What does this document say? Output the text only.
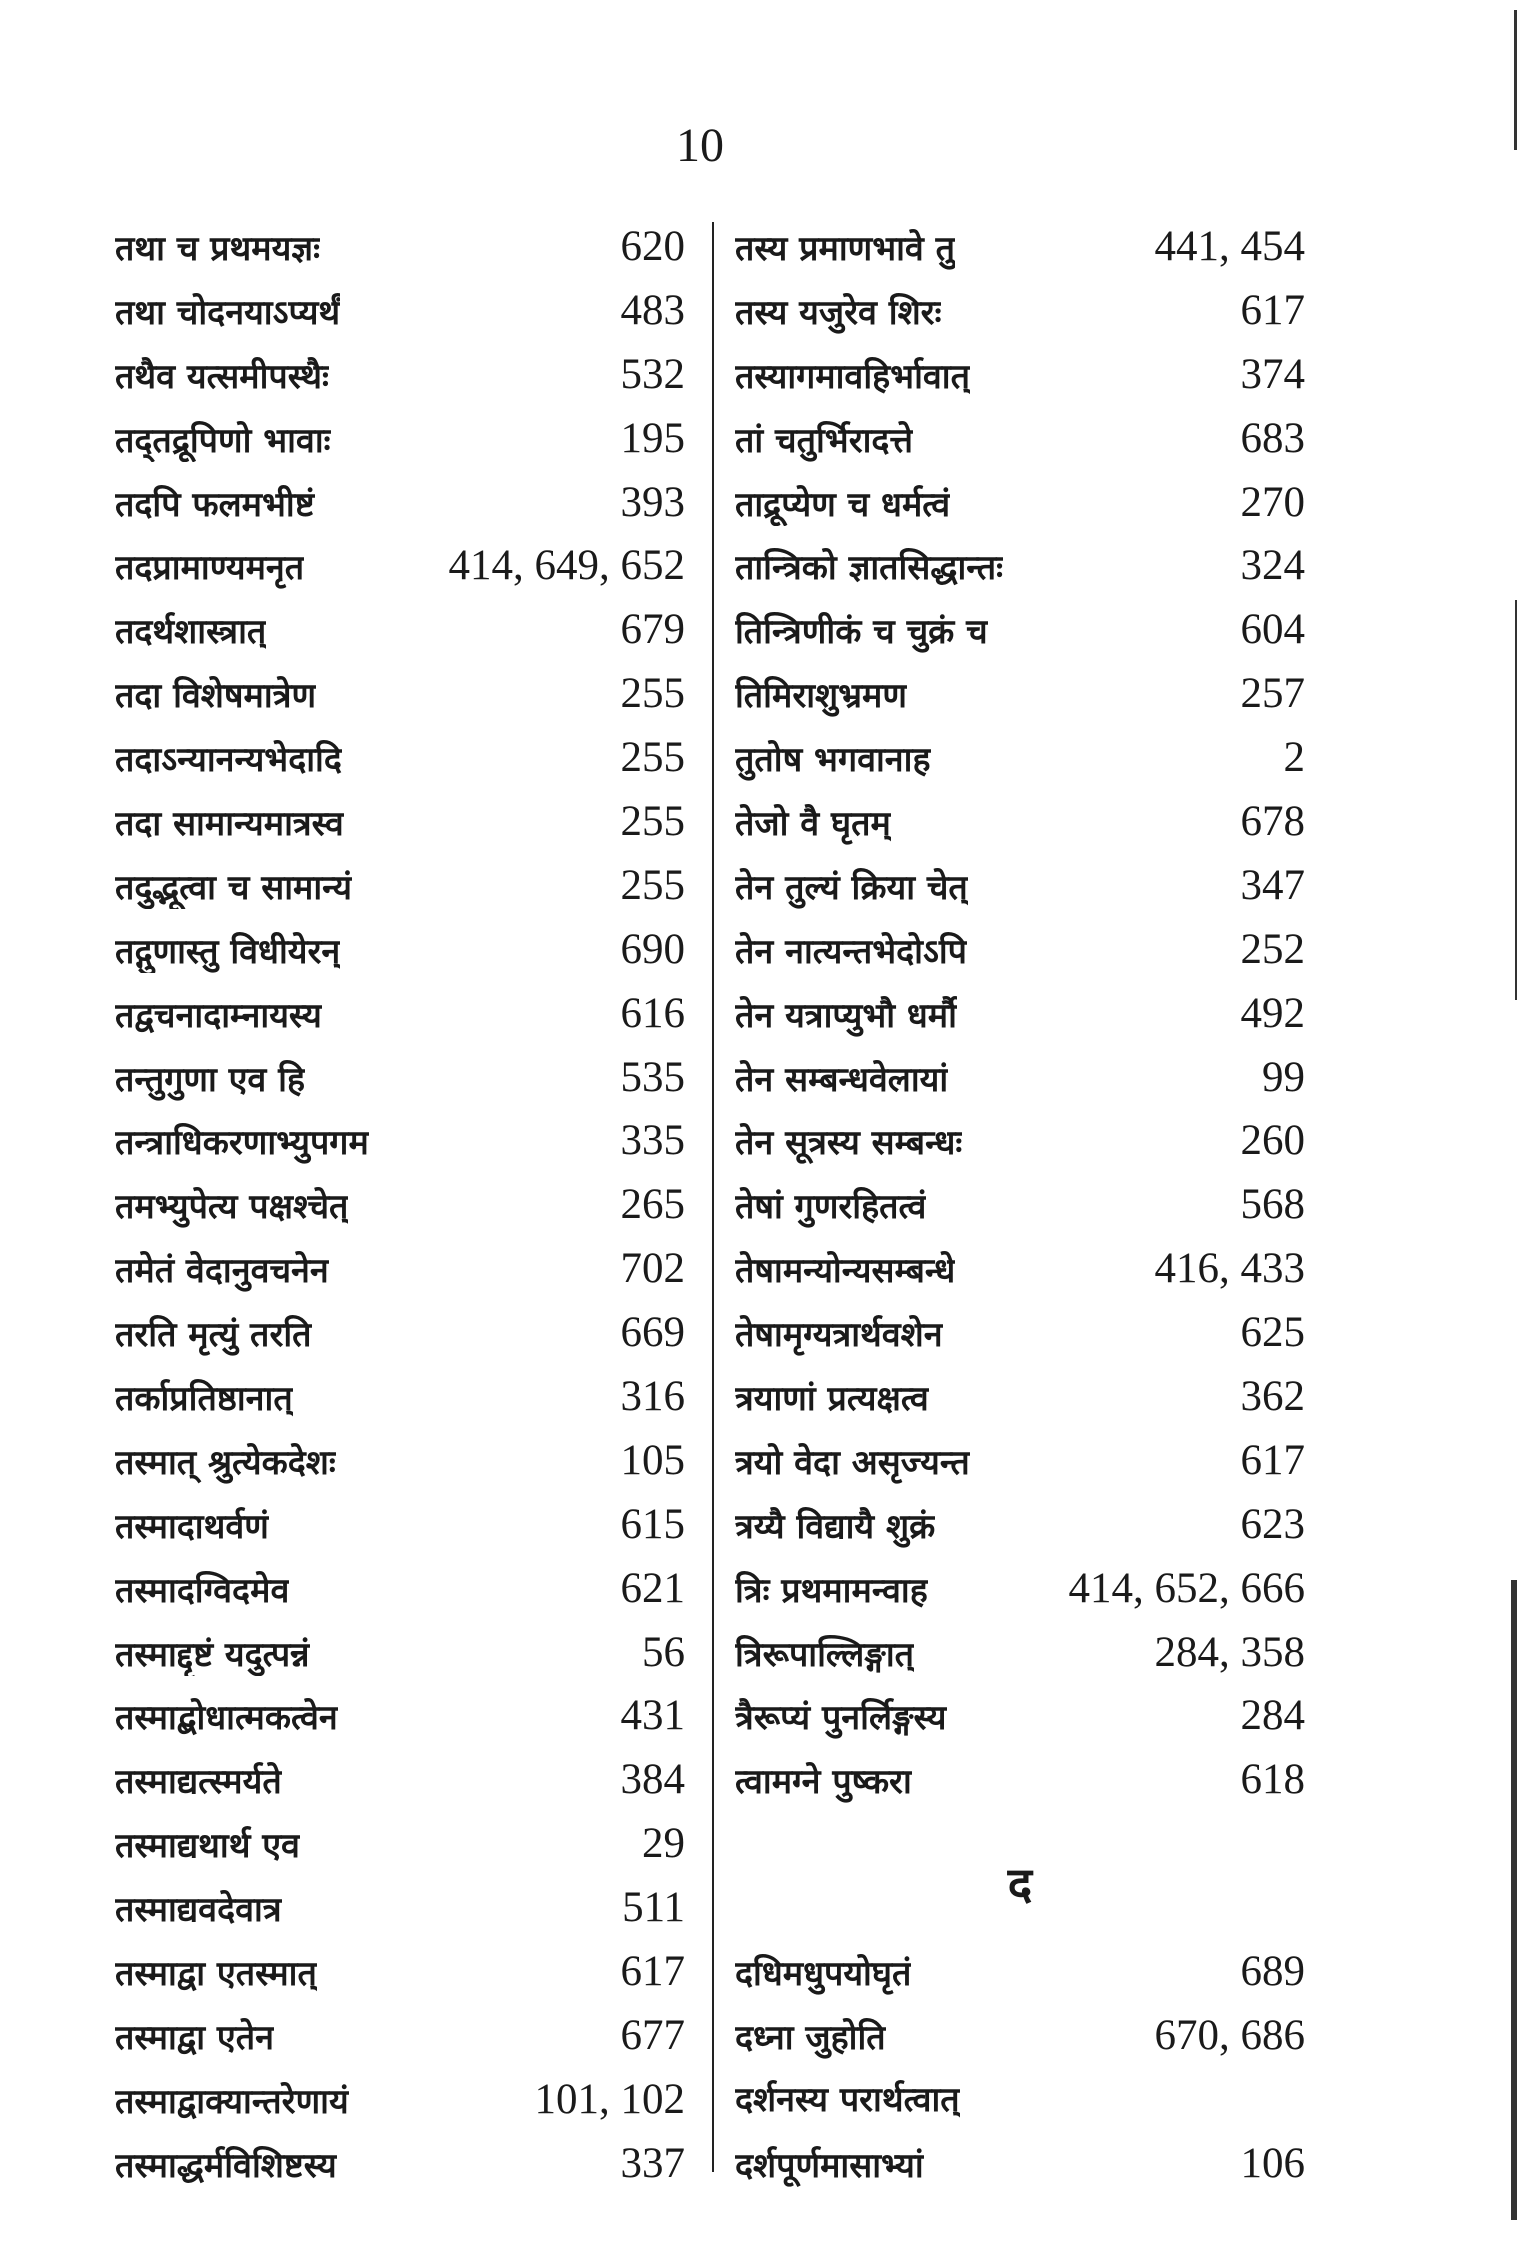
10
तथा च प्रथमयज्ञः	620
तथा चोदनयाऽप्यर्थं	483
तथैव यत्समीपस्थैः	532
तद्‌तद्रूपिणो भावाः	195
तदपि फलमभीष्टं	393
तदप्रामाण्यमनृत	414, 649, 652
तदर्थशास्त्रात्	679
तदा विशेषमात्रेण	255
तदाऽन्यानन्यभेदादि	255
तदा सामान्यमात्रस्व	255
तदुद्भूत्वा च सामान्यं	255
तद्गुणास्तु विधीयेरन्	690
तद्वचनादाम्नायस्य	616
तन्तुगुणा एव हि	535
तन्त्राधिकरणाभ्युपगम	335
तमभ्युपेत्य पक्षश्चेत्	265
तमेतं वेदानुवचनेन	702
तरति मृत्युं तरति	669
तर्काप्रतिष्ठानात्	316
तस्मात् श्रुत्येकदेशः	105
तस्मादाथर्वणं	615
तस्मादग्विदमेव	621
तस्माद्दृष्टं यदुत्पन्नं	56
तस्माद्बोधात्मकत्वेन	431
तस्माद्यत्स्मर्यते	384
तस्माद्यथार्थ एव	29
तस्माद्यवदेवात्र	511
तस्माद्वा एतस्मात्	617
तस्माद्वा एतेन	677
तस्माद्वाक्यान्तरेणायं	101, 102
तस्माद्धर्मविशिष्टस्य	337
तस्य प्रमाणभावे तु	441, 454
तस्य यजुरेव शिरः	617
तस्यागमावहिर्भावात्	374
तां चतुर्भिरादत्ते	683
ताद्रूप्येण च धर्मत्वं	270
तान्त्रिको ज्ञातसिद्धान्तः	324
तिन्त्रिणीकं च चुक्रं च	604
तिमिराशुभ्रमण	257
तुतोष भगवानाह	2
तेजो वै घृतम्	678
तेन तुल्यं क्रिया चेत्	347
तेन नात्यन्तभेदोऽपि	252
तेन यत्राप्युभौ धर्मौ	492
तेन सम्बन्धवेलायां	99
तेन सूत्रस्य सम्बन्धः	260
तेषां गुणरहितत्वं	568
तेषामन्योन्यसम्बन्धे	416, 433
तेषामृग्यत्रार्थवशेन	625
त्रयाणां प्रत्यक्षत्व	362
त्रयो वेदा असृज्यन्त	617
त्रय्यै विद्यायै शुक्रं	623
त्रिः प्रथमामन्वाह	414, 652, 666
त्रिरूपाल्लिङ्गात्	284, 358
त्रैरूप्यं पुनर्लिङ्गस्य	284
त्वामग्ने पुष्करा	618
द
दधिमधुपयोघृतं	689
दध्ना जुहोति	670, 686
दर्शनस्य परार्थत्वात्
दर्शपूर्णमासाभ्यां	106
